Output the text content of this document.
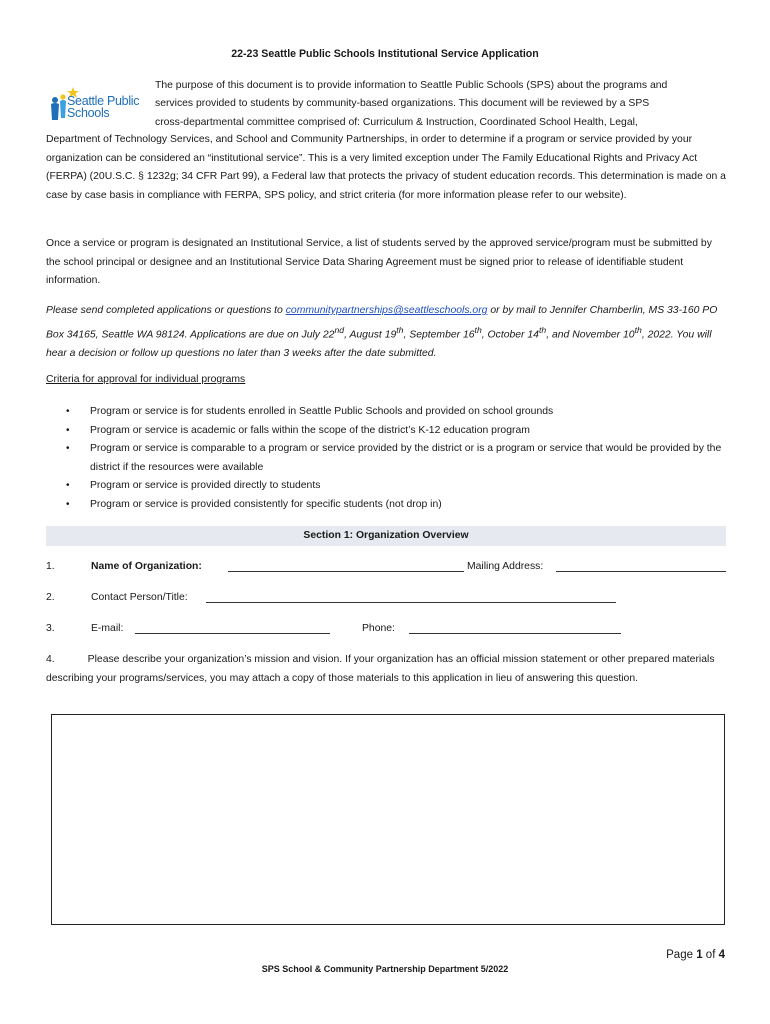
22-23 Seattle Public Schools Institutional Service Application
Seattle Public
Schools
The purpose of this document is to provide information to Seattle Public Schools (SPS) about the programs and
services provided to students by community-based organizations. This document will be reviewed by a SPS
cross-departmental committee comprised of: Curriculum & Instruction, Coordinated School Health, Legal,
Department of Technology Services, and School and Community Partnerships, in order to determine if a program or service provided by your organization can be considered an “institutional service”. This is a very limited exception under The Family Educational Rights and Privacy Act (FERPA) (20U.S.C. § 1232g; 34 CFR Part 99), a Federal law that protects the privacy of student education records. This determination is made on a case by case basis in compliance with FERPA, SPS policy, and strict criteria (for more information please refer to our website).
Once a service or program is designated an Institutional Service, a list of students served by the approved service/program must be submitted by the school principal or designee and an Institutional Service Data Sharing Agreement must be signed prior to release of identifiable student information.
Please send completed applications or questions to communitypartnerships@seattleschools.org or by mail to Jennifer Chamberlin, MS 33-160 PO Box 34165, Seattle WA 98124. Applications are due on July 22nd, August 19th, September 16th, October 14th, and November 10th, 2022. You will hear a decision or follow up questions no later than 3 weeks after the date submitted.
Criteria for approval for individual programs
•	Program or service is for students enrolled in Seattle Public Schools and provided on school grounds
•	Program or service is academic or falls within the scope of the district’s K-12 education program
•	Program or service is comparable to a program or service provided by the district or is a program or service that would be provided by the district if the resources were available
•	Program or service is provided directly to students
•	Program or service is provided consistently for specific students (not drop in)
Section 1: Organization Overview
1.	Name of Organization:	Mailing Address:
2.	Contact Person/Title:
3.	E-mail:	Phone:
4.	Please describe your organization’s mission and vision. If your organization has an official mission statement or other prepared materials describing your programs/services, you may attach a copy of those materials to this application in lieu of answering this question.
Page 1 of 4
SPS School & Community Partnership Department 5/2022
